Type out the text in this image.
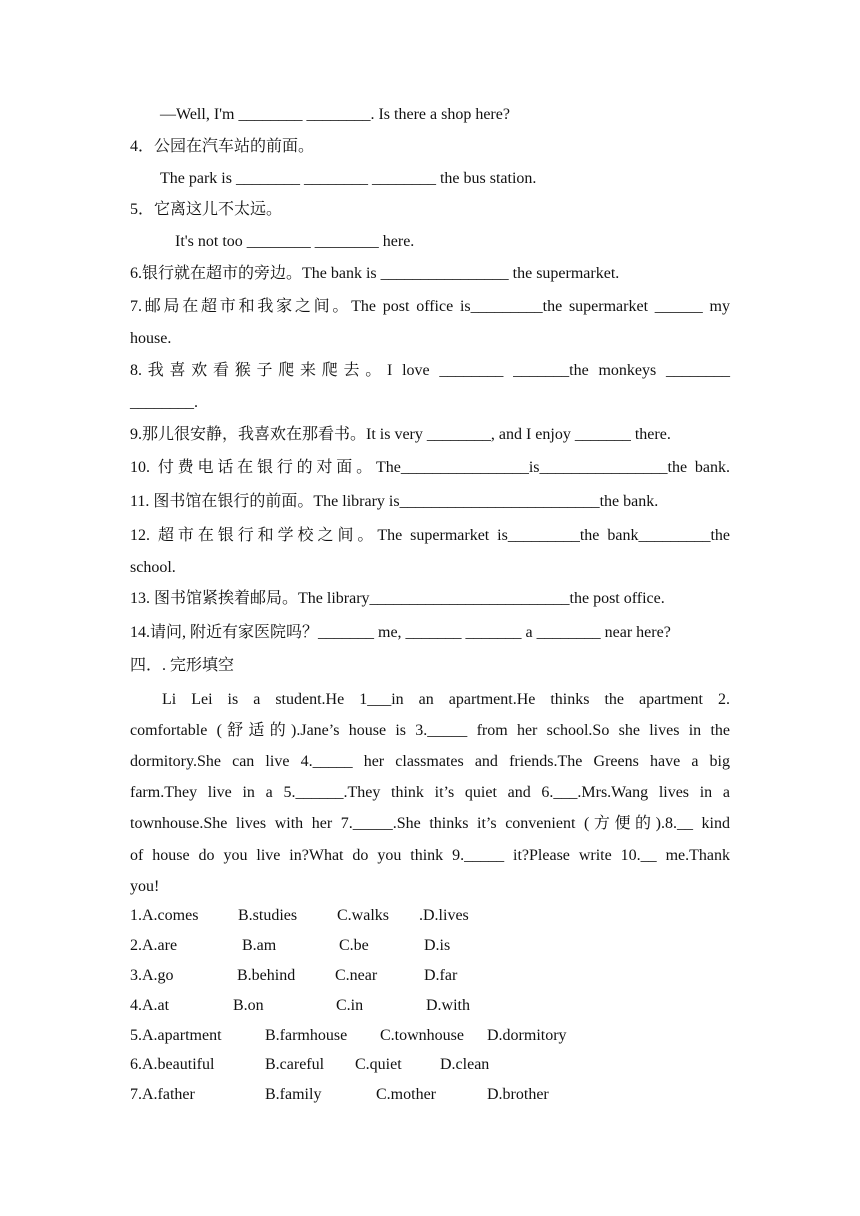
—Well, I'm ________ ________. Is there a shop here?
4．公园在汽车站的前面。
The park is ________ ________ ________ the bus station.
5．它离这儿不太远。
It's not too ________ ________ here.
6.银行就在超市的旁边。The bank is ________________ the supermarket.
7.邮局在超市和我家之间。The post office is_________the supermarket ______ my
house.
8.我喜欢看猴子爬来爬去。I love ________ _______the monkeys ________
________.
9.那儿很安静，我喜欢在那看书。It is very ________, and I enjoy _______ there.
10. 付费电话在银行的对面。The________________is________________the bank.
11. 图书馆在银行的前面。The library is_________________________the bank.
12. 超市在银行和学校之间。The supermarket is_________the bank_________the
school.
13. 图书馆紧挨着邮局。The library_________________________the post office.
14.请问, 附近有家医院吗？_______ me, _______ _______ a ________ near here?
四．. 完形填空
Li Lei is a student.He 1___in an apartment.He thinks the apartment 2.
comfortable (舒适的).Jane’s house is 3._____ from her school.So she lives in the
dormitory.She can live 4._____ her classmates and friends.The Greens have a big
farm.They live in a 5.______.They think it’s quiet and 6.___.Mrs.Wang lives in a
townhouse.She lives with her 7._____.She thinks it’s convenient (方便的).8.__ kind
of house do you live in?What do you think 9._____ it?Please write 10.__ me.Thank
you!
1.A.comes B.studies C.walks .D.lives
2.A.are	B.am	C.be	D.is
3.A.go	B.behind C.near	D.far
4.A.at	B.on	C.in	D.with
5.A.apartment	B.farmhouse C.townhouse D.dormitory
6.A.beautiful	B.careful C.quiet D.clean
7.A.father	B.family	C.mother	D.brother
